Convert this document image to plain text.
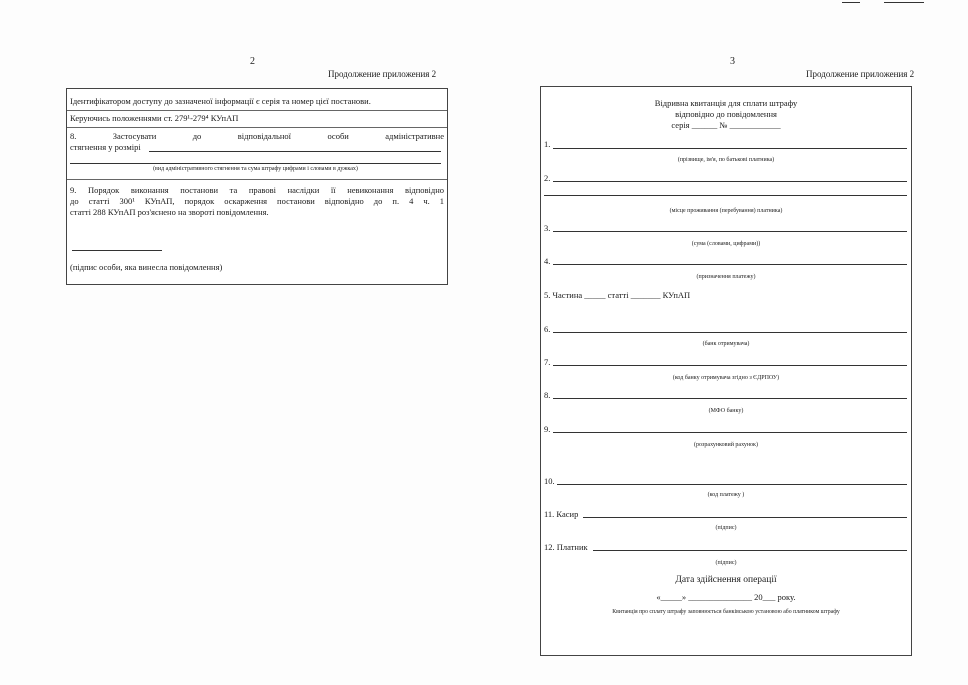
2
Продолжение приложения 2
Ідентифікатором доступу до зазначеної інформації є серія та номер цієї постанови.
Керуючись положеннями ст. 279¹-279⁴ КУпАП
8. Застосувати до відповідальної особи адміністративне
стягнення у розмірі
(вид адміністративного стягнення та сума штрафу цифрами і словами в дужках)
9. Порядок виконання постанови та правові наслідки її невиконання відповідно
до статті 300¹ КУпАП, порядок оскарження постанови відповідно до п. 4 ч. 1
статті 288 КУпАП роз'яснено на звороті повідомлення.
(підпис особи, яка винесла повідомлення)
3
Продолжение приложения 2
Відривна квитанція для сплати штрафу
відповідно до повідомлення
серія ______ № ____________
1.
(прізвище, ім'я, по батькові платника)
2.
(місце проживання (перебування) платника)
3.
(сума (словами, цифрами))
4.
(призначення платежу)
5. Частина _____ статті _______ КУпАП
6.
(банк отримувача)
7.
(код банку отримувача згідно з ЄДРПОУ)
8.
(МФО банку)
9.
(розрахунковий рахунок)
10.
(код платежу )
11. Касир
(підпис)
12. Платник
(підпис)
Дата здійснення операції
«_____» _______________ 20___ року.
Квитанція про сплату штрафу заповнюється банківською установою або платником штрафу
